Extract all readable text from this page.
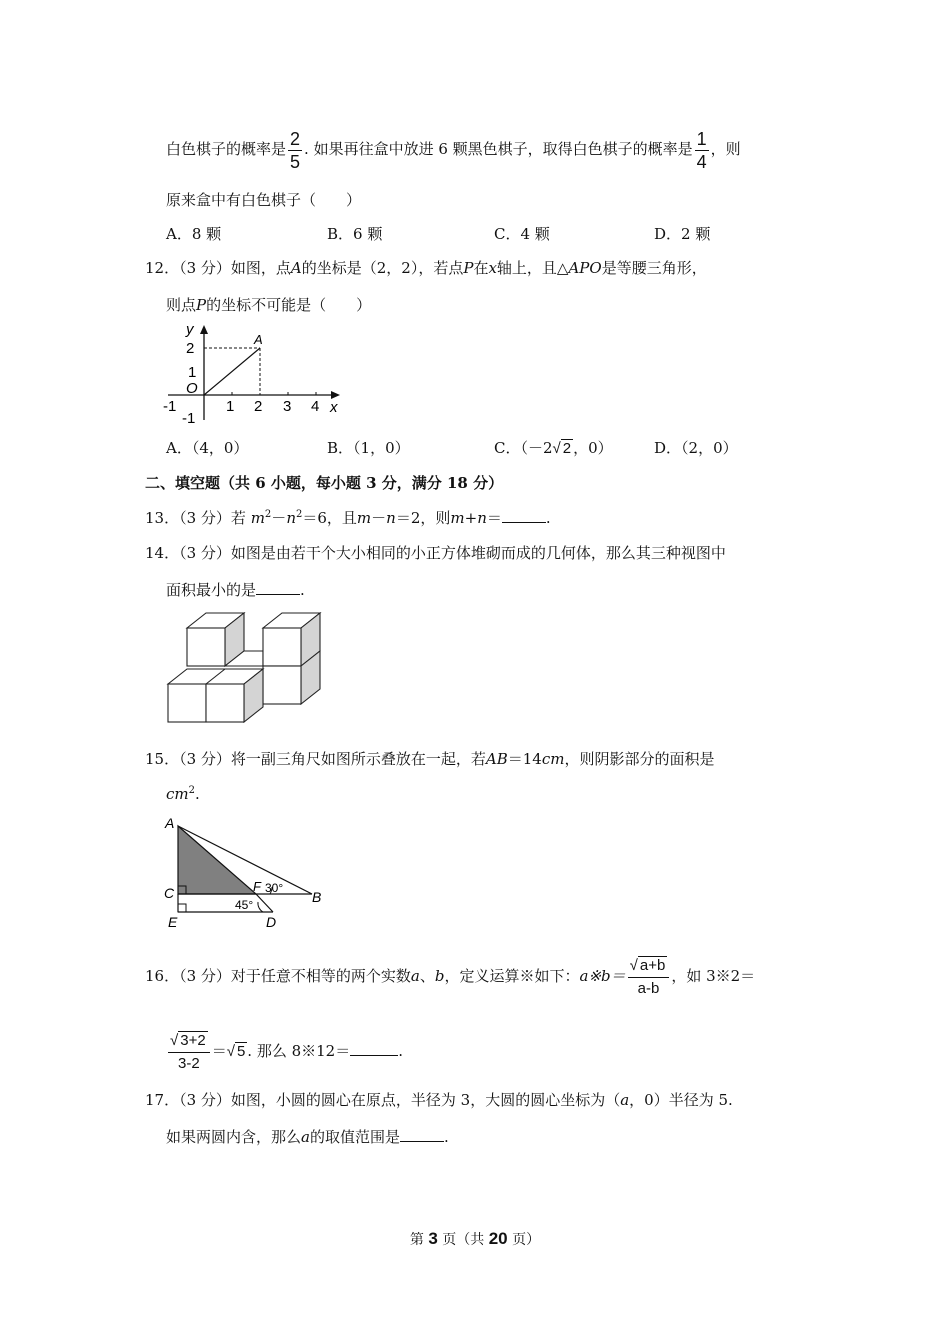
白色棋子的概率是 $\frac{2}{5}$ . 如果再往盒中放进 6 颗黑色棋子，取得白色棋子的概率是 $\frac{1}{4}$ ，则
原来盒中有白色棋子（　　）
A．8 颗	B．6 颗	C．4 颗	D．2 颗
12．（3 分）如图，点A的坐标是（2，2），若点P在x轴上，且△APO是等腰三角形，
则点P的坐标不可能是（　　）
y
A
2
1
O
-1	1 2 3 4 x
-1
A．（4，0）	B．（1，0）	C．（－2√ 2 ，0）	D．（2，0）
二、填空题（共 6 小题，每小题 3 分，满分 18 分）
13．（3 分）若 $m^2-n^2=6$，且m－n＝2，则m+n＝	.
14．（3 分）如图是由若干个大小相同的小正方体堆砌而成的几何体，那么其三种视图中
面积最小的是	.
15．（3 分）将一副三角尺如图所示叠放在一起，若AB＝14cm，则阴影部分的面积是
$cm^2$.
A
C	F 30°
B
45°
E	D
16．（3 分）对于任意不相等的两个实数a、b，定义运算※如下：a※b＝ $\frac{√ a+b}{a-b}$ ，如 3※2＝
$\frac{√ 3+2}{3-2}$ ＝√ 5 . 那么 8※12＝	.
17．（3 分）如图，小圆的圆心在原点，半径为 3，大圆的圆心坐标为（a，0）半径为 5.
如果两圆内含，那么a的取值范围是	.
第 3 页（共 20 页）
